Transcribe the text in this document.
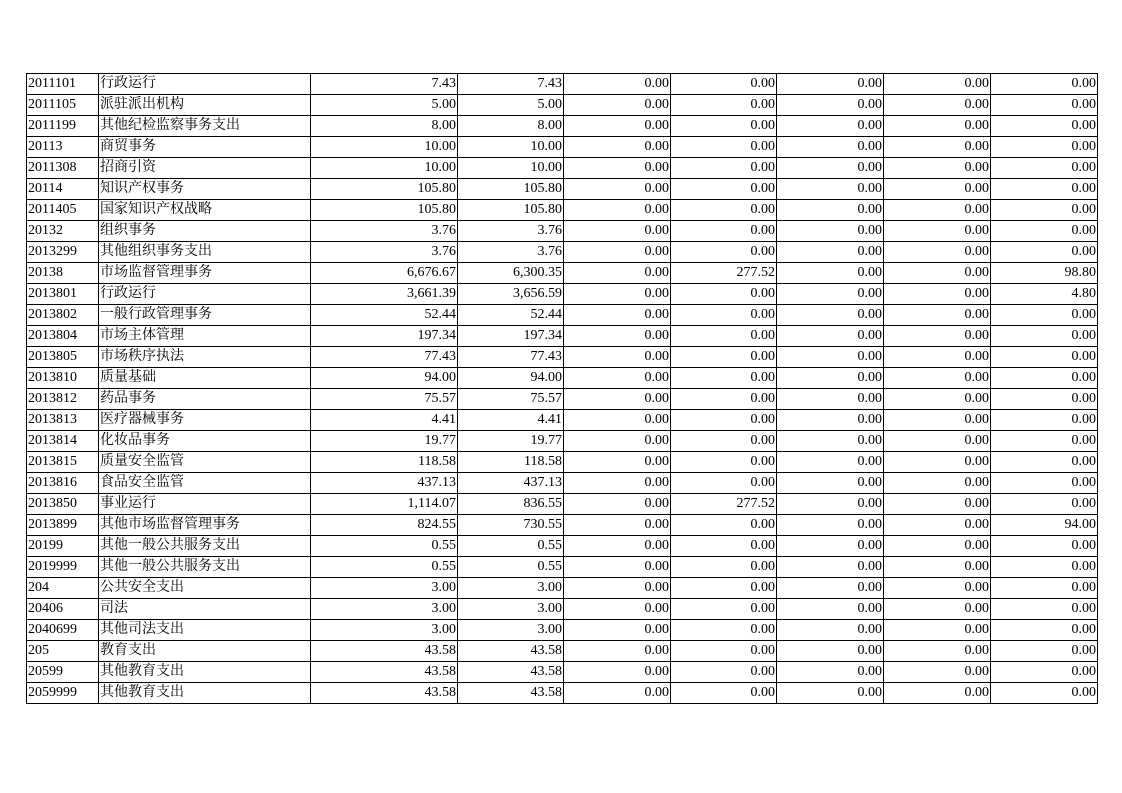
2011101	行政运行	7.43	7.43	0.00	0.00	0.00	0.00	0.00
2011105	派驻派出机构	5.00	5.00	0.00	0.00	0.00	0.00	0.00
2011199	其他纪检监察事务支出	8.00	8.00	0.00	0.00	0.00	0.00	0.00
20113	商贸事务	10.00	10.00	0.00	0.00	0.00	0.00	0.00
2011308	招商引资	10.00	10.00	0.00	0.00	0.00	0.00	0.00
20114	知识产权事务	105.80	105.80	0.00	0.00	0.00	0.00	0.00
2011405	国家知识产权战略	105.80	105.80	0.00	0.00	0.00	0.00	0.00
20132	组织事务	3.76	3.76	0.00	0.00	0.00	0.00	0.00
2013299	其他组织事务支出	3.76	3.76	0.00	0.00	0.00	0.00	0.00
20138	市场监督管理事务	6,676.67	6,300.35	0.00	277.52	0.00	0.00	98.80
2013801	行政运行	3,661.39	3,656.59	0.00	0.00	0.00	0.00	4.80
2013802	一般行政管理事务	52.44	52.44	0.00	0.00	0.00	0.00	0.00
2013804	市场主体管理	197.34	197.34	0.00	0.00	0.00	0.00	0.00
2013805	市场秩序执法	77.43	77.43	0.00	0.00	0.00	0.00	0.00
2013810	质量基础	94.00	94.00	0.00	0.00	0.00	0.00	0.00
2013812	药品事务	75.57	75.57	0.00	0.00	0.00	0.00	0.00
2013813	医疗器械事务	4.41	4.41	0.00	0.00	0.00	0.00	0.00
2013814	化妆品事务	19.77	19.77	0.00	0.00	0.00	0.00	0.00
2013815	质量安全监管	118.58	118.58	0.00	0.00	0.00	0.00	0.00
2013816	食品安全监管	437.13	437.13	0.00	0.00	0.00	0.00	0.00
2013850	事业运行	1,114.07	836.55	0.00	277.52	0.00	0.00	0.00
2013899	其他市场监督管理事务	824.55	730.55	0.00	0.00	0.00	0.00	94.00
20199	其他一般公共服务支出	0.55	0.55	0.00	0.00	0.00	0.00	0.00
2019999	其他一般公共服务支出	0.55	0.55	0.00	0.00	0.00	0.00	0.00
204	公共安全支出	3.00	3.00	0.00	0.00	0.00	0.00	0.00
20406	司法	3.00	3.00	0.00	0.00	0.00	0.00	0.00
2040699	其他司法支出	3.00	3.00	0.00	0.00	0.00	0.00	0.00
205	教育支出	43.58	43.58	0.00	0.00	0.00	0.00	0.00
20599	其他教育支出	43.58	43.58	0.00	0.00	0.00	0.00	0.00
2059999	其他教育支出	43.58	43.58	0.00	0.00	0.00	0.00	0.00
